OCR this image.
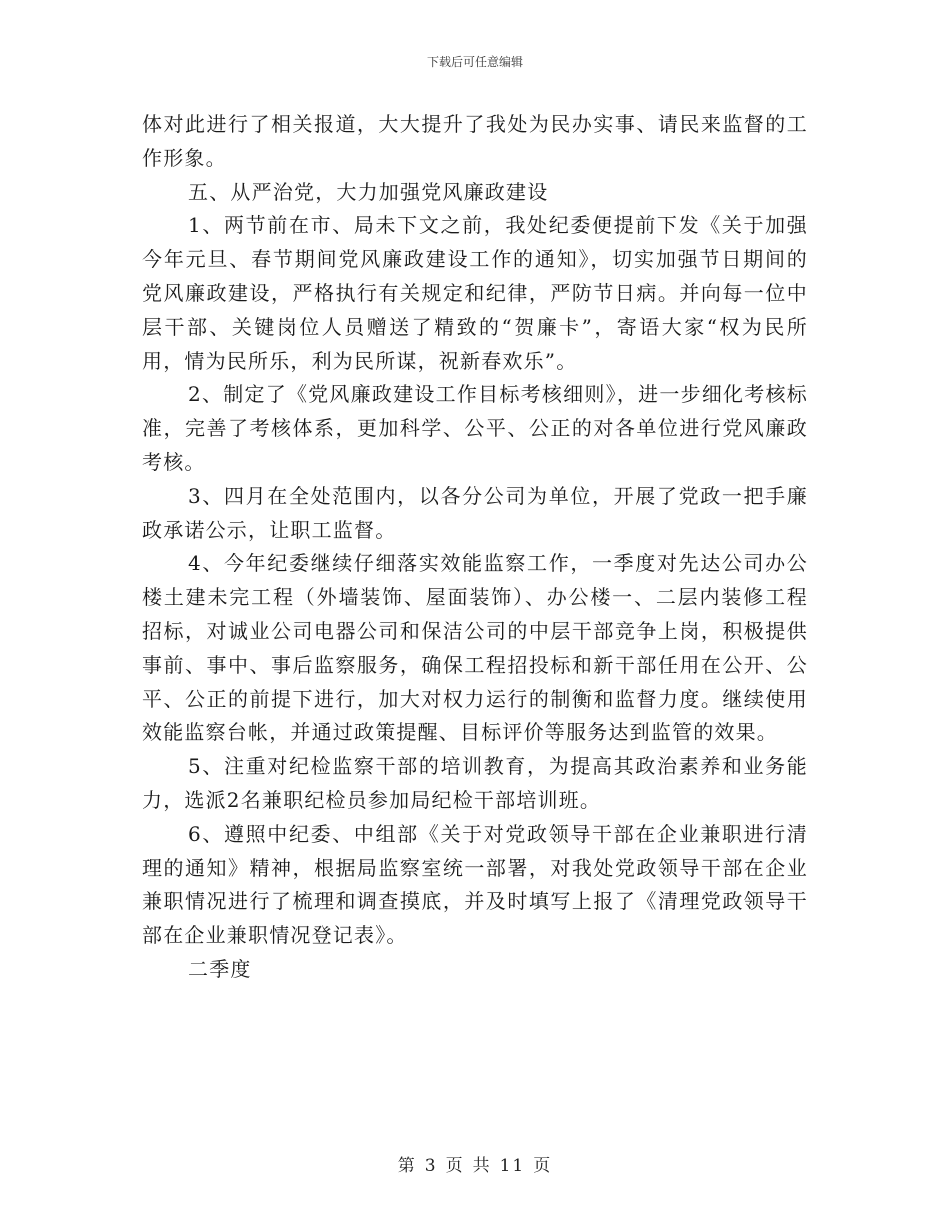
下载后可任意编辑

体对此进行了相关报道，大大提升了我处为民办实事、请民来监督的工作形象。

五、从严治党，大力加强党风廉政建设

1、两节前在市、局未下文之前，我处纪委便提前下发《关于加强今年元旦、春节期间党风廉政建设工作的通知》，切实加强节日期间的党风廉政建设，严格执行有关规定和纪律，严防节日病。并向每一位中层干部、关键岗位人员赠送了精致的“贺廉卡”，寄语大家“权为民所用，情为民所乐，利为民所谋，祝新春欢乐”。

2、制定了《党风廉政建设工作目标考核细则》，进一步细化考核标准，完善了考核体系，更加科学、公平、公正的对各单位进行党风廉政考核。

3、四月在全处范围内，以各分公司为单位，开展了党政一把手廉政承诺公示，让职工监督。

4、今年纪委继续仔细落实效能监察工作，一季度对先达公司办公楼土建未完工程（外墙装饰、屋面装饰）、办公楼一、二层内装修工程招标，对诚业公司电器公司和保洁公司的中层干部竞争上岗，积极提供事前、事中、事后监察服务，确保工程招投标和新干部任用在公开、公平、公正的前提下进行，加大对权力运行的制衡和监督力度。继续使用效能监察台帐，并通过政策提醒、目标评价等服务达到监管的效果。

5、注重对纪检监察干部的培训教育，为提高其政治素养和业务能力，选派2名兼职纪检员参加局纪检干部培训班。

6、遵照中纪委、中组部《关于对党政领导干部在企业兼职进行清理的通知》精神，根据局监察室统一部署，对我处党政领导干部在企业兼职情况进行了梳理和调查摸底，并及时填写上报了《清理党政领导干部在企业兼职情况登记表》。

二季度

第 3 页 共 11 页
